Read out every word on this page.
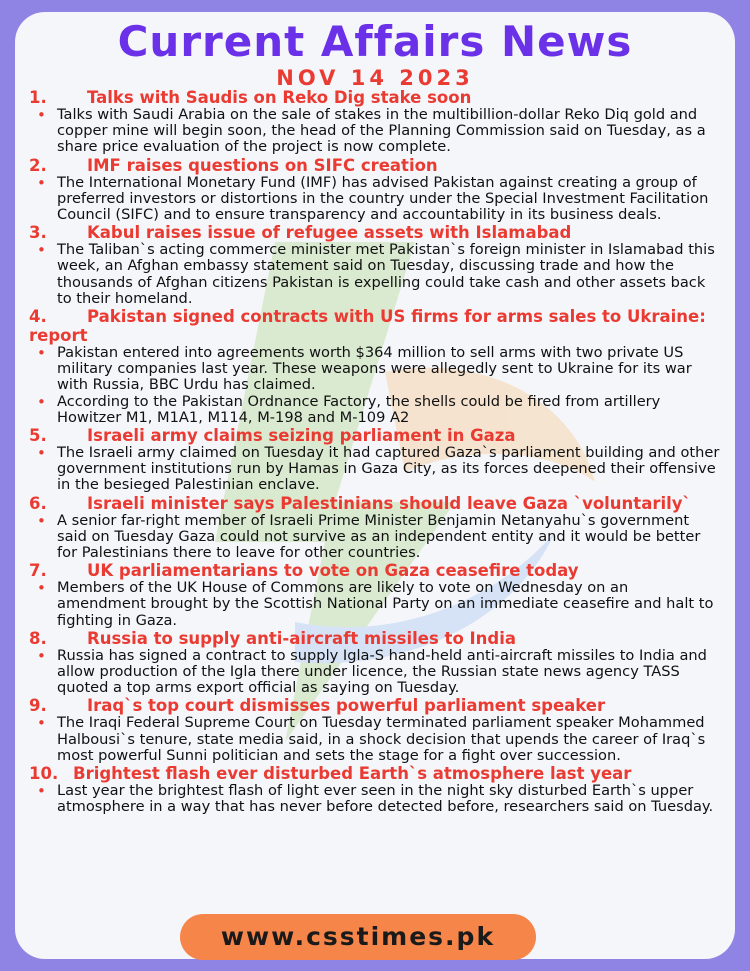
Current Affairs News
NOV 14 2023
1. Talks with Saudis on Reko Dig stake soon
• Talks with Saudi Arabia on the sale of stakes in the multibillion-dollar Reko Diq gold and copper mine will begin soon, the head of the Planning Commission said on Tuesday, as a share price evaluation of the project is now complete.
2. IMF raises questions on SIFC creation
• The International Monetary Fund (IMF) has advised Pakistan against creating a group of preferred investors or distortions in the country under the Special Investment Facilitation Council (SIFC) and to ensure transparency and accountability in its business deals.
3. Kabul raises issue of refugee assets with Islamabad
• The Taliban`s acting commerce minister met Pakistan`s foreign minister in Islamabad this week, an Afghan embassy statement said on Tuesday, discussing trade and how the thousands of Afghan citizens Pakistan is expelling could take cash and other assets back to their homeland.
4. Pakistan signed contracts with US firms for arms sales to Ukraine: report
• Pakistan entered into agreements worth $364 million to sell arms with two private US military companies last year. These weapons were allegedly sent to Ukraine for its war with Russia, BBC Urdu has claimed.
• According to the Pakistan Ordnance Factory, the shells could be fired from artillery Howitzer M1, M1A1, M114, M-198 and M-109 A2
5. Israeli army claims seizing parliament in Gaza
• The Israeli army claimed on Tuesday it had captured Gaza`s parliament building and other government institutions run by Hamas in Gaza City, as its forces deepened their offensive in the besieged Palestinian enclave.
6. Israeli minister says Palestinians should leave Gaza `voluntarily`
• A senior far-right member of Israeli Prime Minister Benjamin Netanyahu`s government said on Tuesday Gaza could not survive as an independent entity and it would be better for Palestinians there to leave for other countries.
7. UK parliamentarians to vote on Gaza ceasefire today
• Members of the UK House of Commons are likely to vote on Wednesday on an amendment brought by the Scottish National Party on an immediate ceasefire and halt to fighting in Gaza.
8. Russia to supply anti-aircraft missiles to India
• Russia has signed a contract to supply Igla-S hand-held anti-aircraft missiles to India and allow production of the Igla there under licence, the Russian state news agency TASS quoted a top arms export official as saying on Tuesday.
9. Iraq`s top court dismisses powerful parliament speaker
• The Iraqi Federal Supreme Court on Tuesday terminated parliament speaker Mohammed Halbousi`s tenure, state media said, in a shock decision that upends the career of Iraq`s most powerful Sunni politician and sets the stage for a fight over succession.
10. Brightest flash ever disturbed Earth`s atmosphere last year
• Last year the brightest flash of light ever seen in the night sky disturbed Earth`s upper atmosphere in a way that has never before detected before, researchers said on Tuesday.
www.csstimes.pk
